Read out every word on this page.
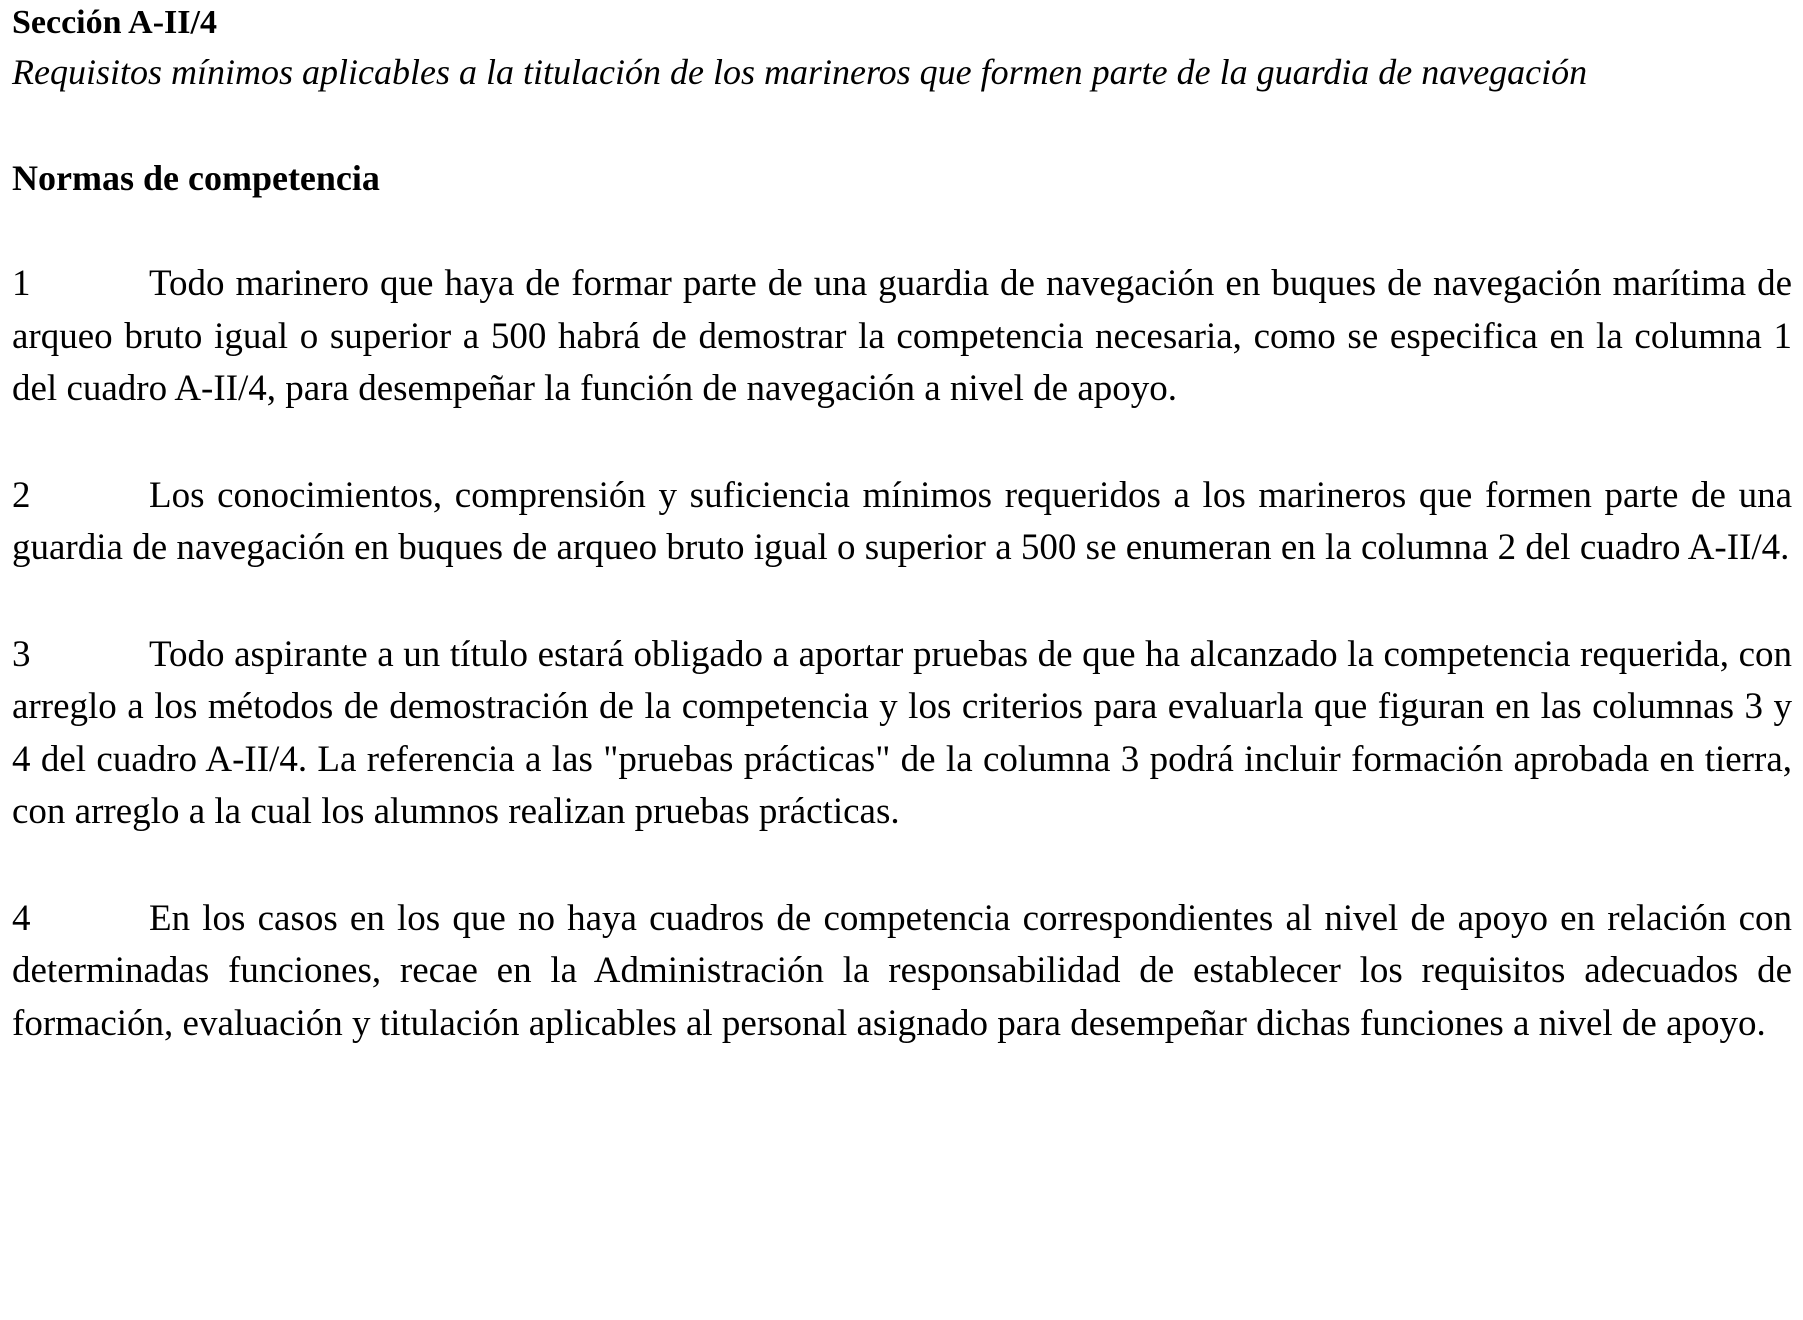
Sección A-II/4

Requisitos mínimos aplicables a la titulación de los marineros que formen parte de la guardia de navegación

Normas de competencia

1	Todo marinero que haya de formar parte de una guardia de navegación en buques de navegación marítima de arqueo bruto igual o superior a 500 habrá de demostrar la competencia necesaria, como se especifica en la columna 1 del cuadro A-II/4, para desempeñar la función de navegación a nivel de apoyo.

2	Los conocimientos, comprensión y suficiencia mínimos requeridos a los marineros que formen parte de una guardia de navegación en buques de arqueo bruto igual o superior a 500 se enumeran en la columna 2 del cuadro A-II/4.

3	Todo aspirante a un título estará obligado a aportar pruebas de que ha alcanzado la competencia requerida, con arreglo a los métodos de demostración de la competencia y los criterios para evaluarla que figuran en las columnas 3 y 4 del cuadro A-II/4. La referencia a las "pruebas prácticas" de la columna 3 podrá incluir formación aprobada en tierra, con arreglo a la cual los alumnos realizan pruebas prácticas.

4	En los casos en los que no haya cuadros de competencia correspondientes al nivel de apoyo en relación con determinadas funciones, recae en la Administración la responsabilidad de establecer los requisitos adecuados de formación, evaluación y titulación aplicables al personal asignado para desempeñar dichas funciones a nivel de apoyo.
